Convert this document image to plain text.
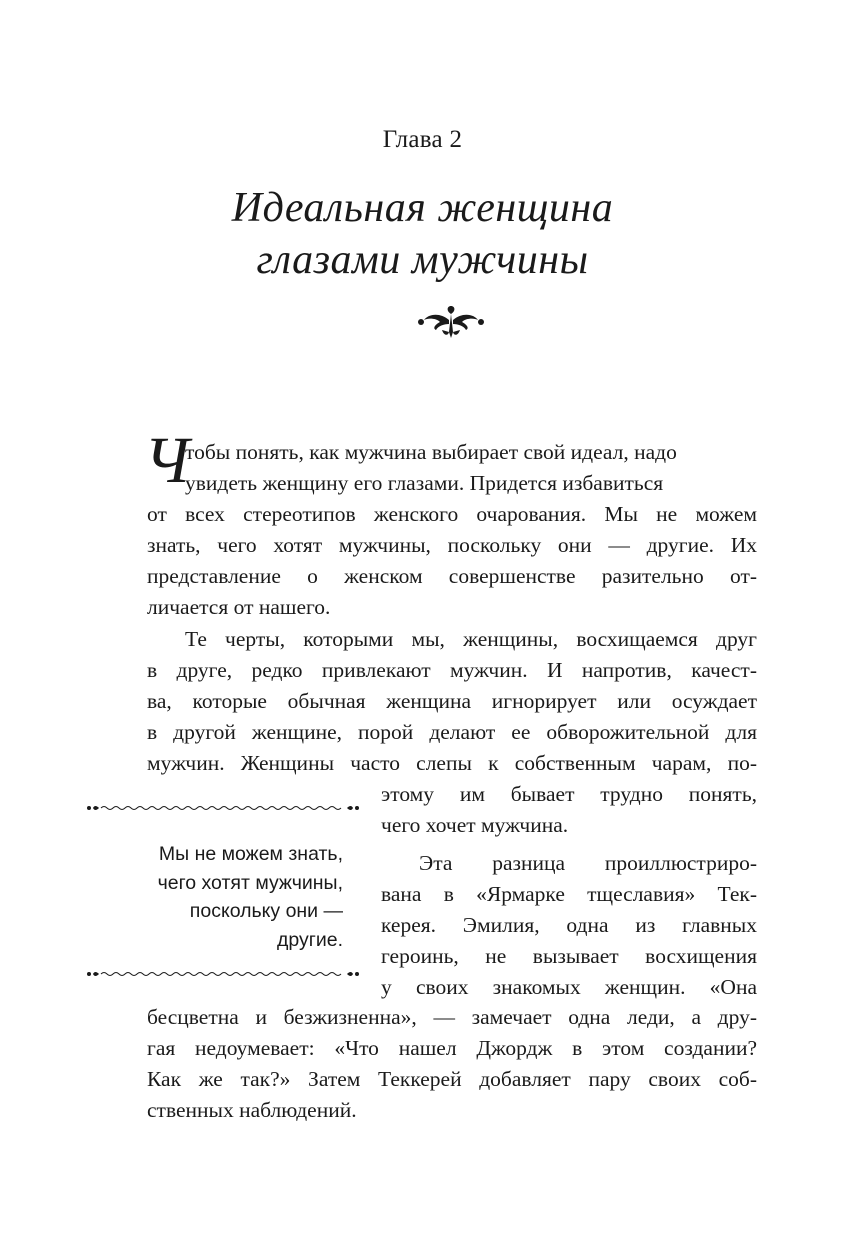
Глава 2
Идеальная женщина
глазами мужчины
Ч
тобы понять, как мужчина выбирает свой идеал, надо
увидеть женщину его глазами. Придется избавиться
от всех стереотипов женского очарования. Мы не можем
знать, чего хотят мужчины, поскольку они — другие. Их
представление о женском совершенстве разительно от-
личается от нашего.
Те черты, которыми мы, женщины, восхищаемся друг
в друге, редко привлекают мужчин. И напротив, качест-
ва, которые обычная женщина игнорирует или осуждает
в другой женщине, порой делают ее обворожительной для
мужчин. Женщины часто слепы к собственным чарам, по-
этому им бывает трудно понять,
чего хочет мужчина.
Эта разница проиллюстриро-
вана в «Ярмарке тщеславия» Тек-
керея. Эмилия, одна из главных
героинь, не вызывает восхищения
у своих знакомых женщин. «Она
бесцветна и безжизненна», — замечает одна леди, а дру-
гая недоумевает: «Что нашел Джордж в этом создании?
Как же так?» Затем Теккерей добавляет пару своих соб-
ственных наблюдений.
Мы не можем знать,
чего хотят мужчины,
поскольку они —
другие.
